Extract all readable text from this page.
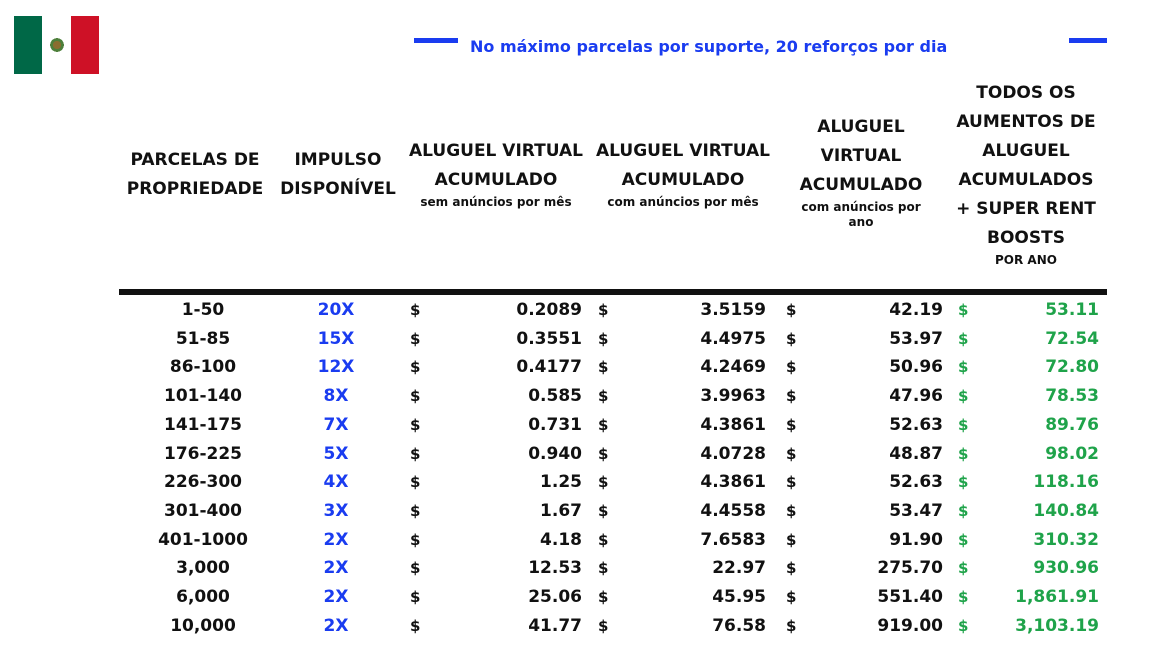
No máximo parcelas por suporte, 20 reforços por dia
PARCELAS DE PROPRIEDADE
IMPULSO DISPONÍVEL
ALUGUEL VIRTUAL ACUMULADO
sem anúncios por mês
ALUGUEL VIRTUAL ACUMULADO
com anúncios por mês
ALUGUEL VIRTUAL ACUMULADO
com anúncios por ano
TODOS OS AUMENTOS DE ALUGUEL ACUMULADOS + SUPER RENT BOOSTS
POR ANO
1-50	20X	$	0.2089 $	3.5159 $	42.19 $	53.11
51-85	15X	$	0.3551 $	4.4975 $	53.97 $	72.54
86-100	12X	$	0.4177 $	4.2469 $	50.96 $	72.80
101-140	8X	$	0.585 $	3.9963 $	47.96 $	78.53
141-175	7X	$	0.731 $	4.3861 $	52.63 $	89.76
176-225	5X	$	0.940 $	4.0728 $	48.87 $	98.02
226-300	4X	$	1.25 $	4.3861 $	52.63 $	118.16
301-400	3X	$	1.67 $	4.4558 $	53.47 $	140.84
401-1000	2X	$	4.18 $	7.6583 $	91.90 $	310.32
3,000	2X	$	12.53 $	22.97 $	275.70 $	930.96
6,000	2X	$	25.06 $	45.95 $	551.40 $	1,861.91
10,000	2X	$	41.77 $	76.58 $	919.00 $	3,103.19
